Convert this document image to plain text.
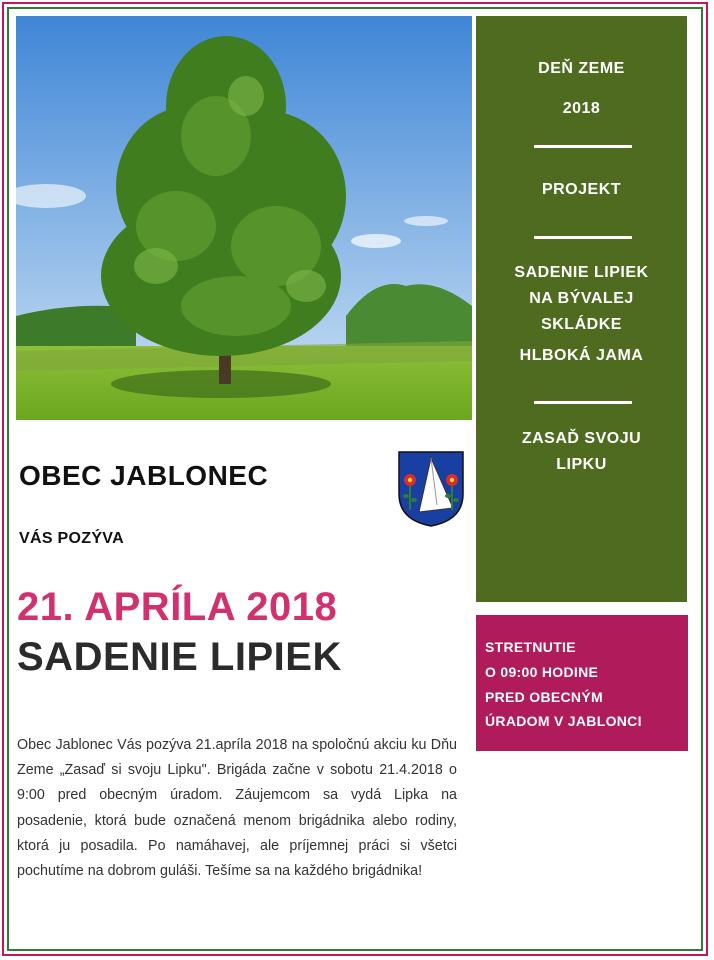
DEŇ ZEME
2018
PROJEKT
SADENIE LIPIEK
NA BÝVALEJ
SKLÁDKE
HLBOKÁ JAMA
ZASAĎ SVOJU
LIPKU
STRETNUTIE
O 09:00 HODINE
PRED OBECNÝM
ÚRADOM V JABLONCI
OBEC JABLONEC
VÁS POZÝVA
21. APRÍLA 2018
SADENIE LIPIEK

Obec Jablonec Vás pozýva 21.apríla 2018 na spoločnú akciu ku Dňu Zeme „Zasaď si svoju Lipku". Brigáda začne v sobotu 21.4.2018 o 9:00 pred obecným úradom. Záujemcom sa vydá Lipka na posadenie, ktorá bude označená menom brigádnika alebo rodiny, ktorá ju posadila. Po namáhavej, ale príjemnej práci si všetci pochutíme na dobrom guláši. Tešíme sa na každého brigádnika!
